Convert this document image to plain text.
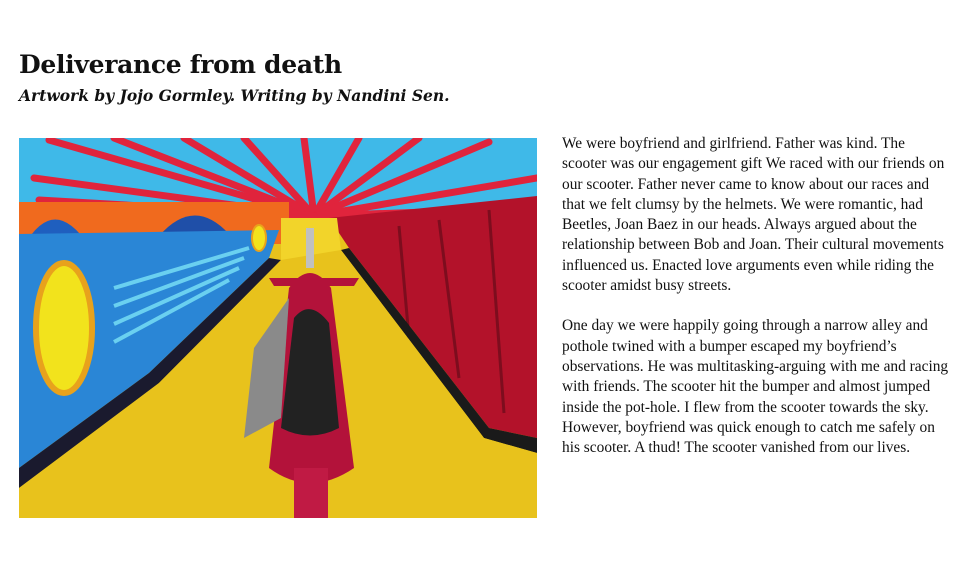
Deliverance from death
Artwork by Jojo Gormley. Writing by Nandini Sen.

We were boyfriend and girlfriend. Father was kind. The scooter was our engagement gift We raced with our friends on our scooter. Father never came to know about our races and that we felt clumsy by the helmets. We were romantic, had Beetles, Joan Baez in our heads. Always argued about the relationship between Bob and Joan. Their cultural movements influenced us. Enacted love arguments even while riding the scooter amidst busy streets.

One day we were happily going through a narrow alley and pothole twined with a bumper escaped my boyfriend’s observations. He was multitasking-arguing with me and racing with friends. The scooter hit the bumper and almost jumped inside the pot-hole. I flew from the scooter towards the sky. However, boyfriend was quick enough to catch me safely on his scooter. A thud! The scooter vanished from our lives.
